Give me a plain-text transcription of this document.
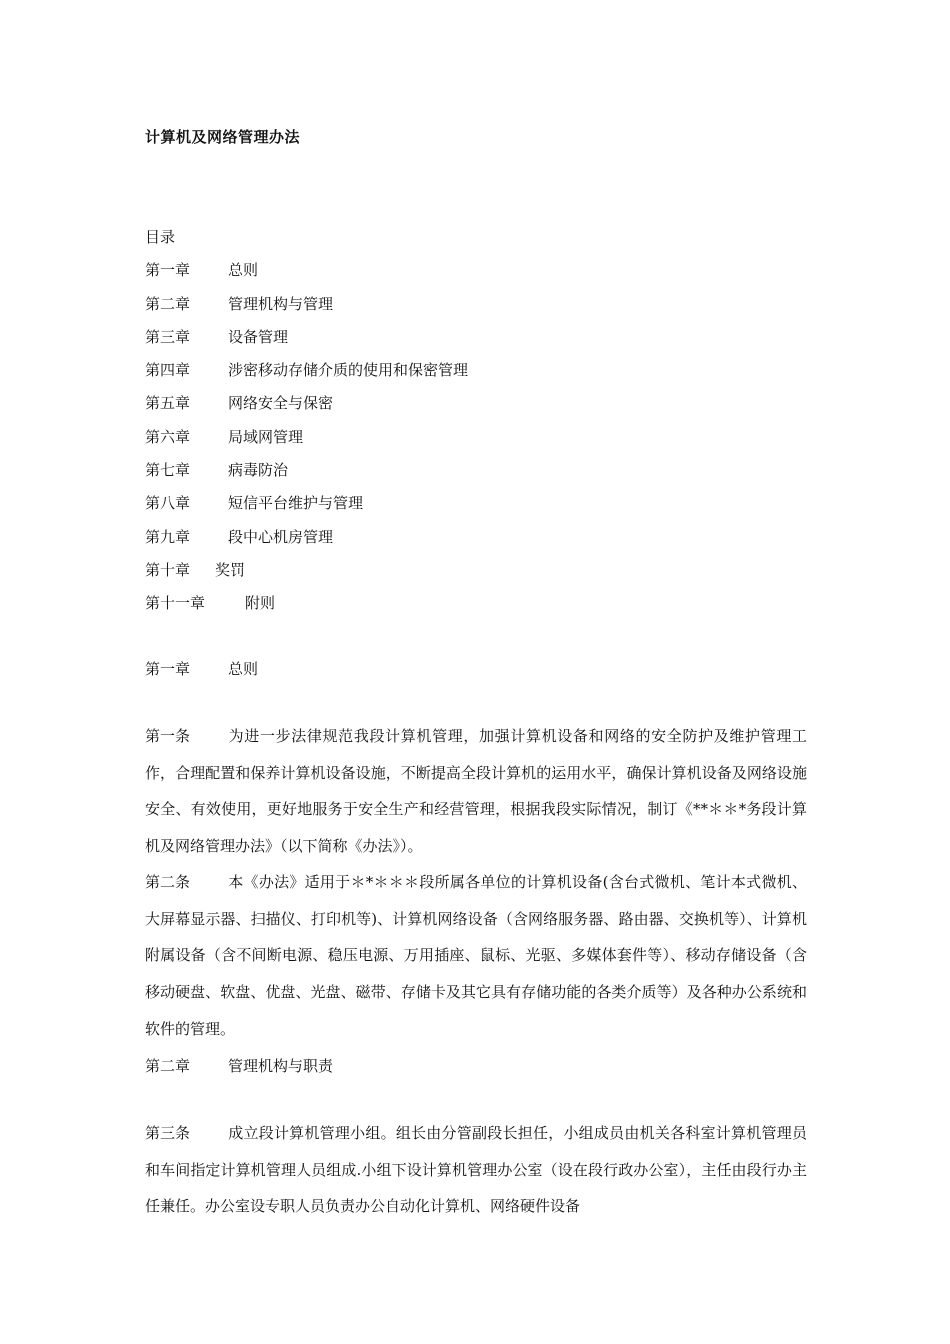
计算机及网络管理办法
目录
第一章	总则
第二章	管理机构与管理
第三章	设备管理
第四章	涉密移动存储介质的使用和保密管理
第五章	网络安全与保密
第六章	局域网管理
第七章	病毒防治
第八章	短信平台维护与管理
第九章	段中心机房管理
第十章 奖罚
第十一章	附则
第一章	总则
第一条	为进一步法律规范我段计算机管理，加强计算机设备和网络的安全防护及维护管理工作，合理配置和保养计算机设备设施，不断提高全段计算机的运用水平，确保计算机设备及网络设施安全、有效使用，更好地服务于安全生产和经营管理，根据我段实际情况，制订《**＊＊*务段计算机及网络管理办法》（以下简称《办法》）。
第二条	本《办法》适用于＊*＊＊＊段所属各单位的计算机设备(含台式微机、笔计本式微机、大屏幕显示器、扫描仪、打印机等)、计算机网络设备（含网络服务器、路由器、交换机等）、计算机附属设备（含不间断电源、稳压电源、万用插座、鼠标、光驱、多媒体套件等）、移动存储设备（含移动硬盘、软盘、优盘、光盘、磁带、存储卡及其它具有存储功能的各类介质等）及各种办公系统和软件的管理。
第二章	管理机构与职责
第三条	成立段计算机管理小组。组长由分管副段长担任，小组成员由机关各科室计算机管理员和车间指定计算机管理人员组成.小组下设计算机管理办公室（设在段行政办公室），主任由段行办主任兼任。办公室设专职人员负责办公自动化计算机、网络硬件设备
